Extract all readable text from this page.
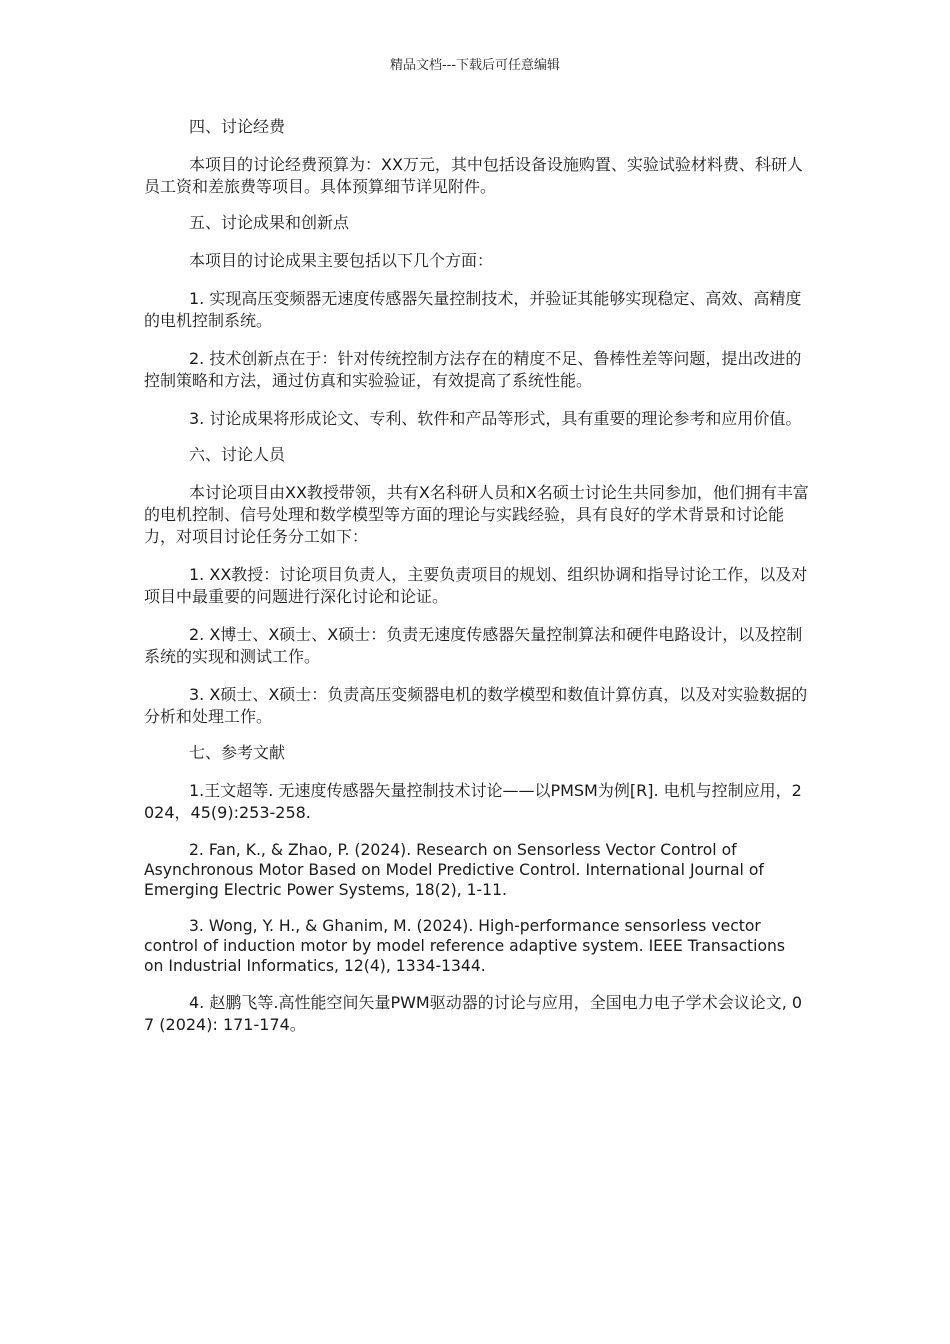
精品文档---下载后可任意编辑

四、讨论经费

本项目的讨论经费预算为：XX万元，其中包括设备设施购置、实验试验材料费、科研人员工资和差旅费等项目。具体预算细节详见附件。

五、讨论成果和创新点

本项目的讨论成果主要包括以下几个方面：

1. 实现高压变频器无速度传感器矢量控制技术，并验证其能够实现稳定、高效、高精度的电机控制系统。

2. 技术创新点在于：针对传统控制方法存在的精度不足、鲁棒性差等问题，提出改进的控制策略和方法，通过仿真和实验验证，有效提高了系统性能。

3. 讨论成果将形成论文、专利、软件和产品等形式，具有重要的理论参考和应用价值。

六、讨论人员

本讨论项目由XX教授带领，共有X名科研人员和X名硕士讨论生共同参加，他们拥有丰富的电机控制、信号处理和数学模型等方面的理论与实践经验，具有良好的学术背景和讨论能力，对项目讨论任务分工如下：

1. XX教授：讨论项目负责人，主要负责项目的规划、组织协调和指导讨论工作，以及对项目中最重要的问题进行深化讨论和论证。

2. X博士、X硕士、X硕士：负责无速度传感器矢量控制算法和硬件电路设计，以及控制系统的实现和测试工作。

3. X硕士、X硕士：负责高压变频器电机的数学模型和数值计算仿真，以及对实验数据的分析和处理工作。

七、参考文献

1.王文超等. 无速度传感器矢量控制技术讨论——以PMSM为例[R]. 电机与控制应用，2024，45(9):253-258.

2. Fan, K., & Zhao, P. (2024). Research on Sensorless Vector Control of Asynchronous Motor Based on Model Predictive Control. International Journal of Emerging Electric Power Systems, 18(2), 1-11.

3. Wong, Y. H., & Ghanim, M. (2024). High-performance sensorless vector control of induction motor by model reference adaptive system. IEEE Transactions on Industrial Informatics, 12(4), 1334-1344.

4. 赵鹏飞等.高性能空间矢量PWM驱动器的讨论与应用，全国电力电子学术会议论文, 07 (2024): 171-174。
